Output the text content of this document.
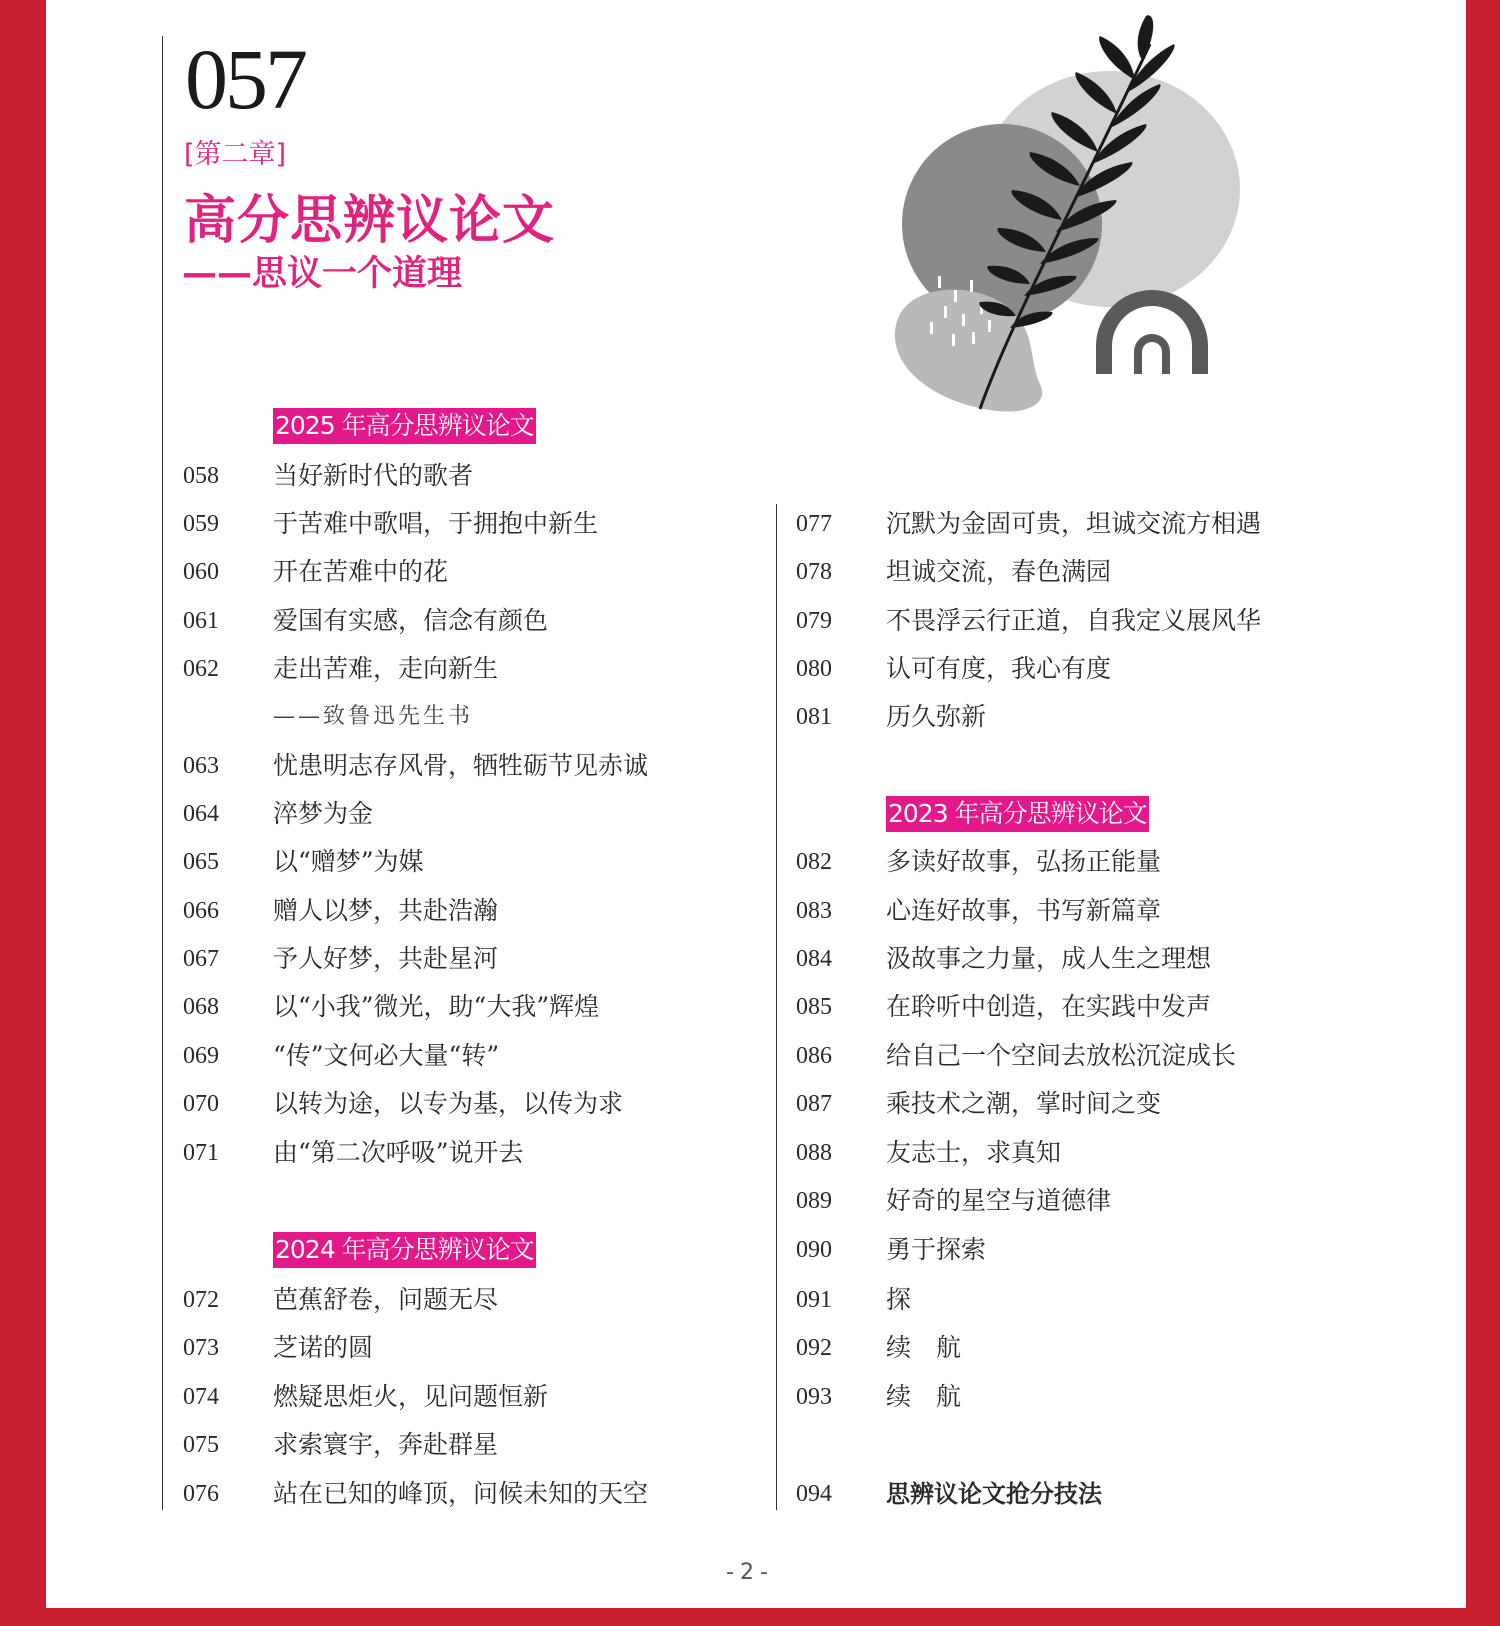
057
[第二章]
高分思辨议论文
——思议一个道理
2025 年高分思辨议论文
058 当好新时代的歌者
059 于苦难中歌唱，于拥抱中新生
060 开在苦难中的花
061 爱国有实感，信念有颜色
062 走出苦难，走向新生
——致鲁迅先生书
063 忧患明志存风骨，牺牲砺节见赤诚
064 淬梦为金
065 以“赠梦”为媒
066 赠人以梦，共赴浩瀚
067 予人好梦，共赴星河
068 以“小我”微光，助“大我”辉煌
069 “传”文何必大量“转”
070 以转为途，以专为基，以传为求
071 由“第二次呼吸”说开去
2024 年高分思辨议论文
072 芭蕉舒卷，问题无尽
073 芝诺的圆
074 燃疑思炬火，见问题恒新
075 求索寰宇，奔赴群星
076 站在已知的峰顶，问候未知的天空
077 沉默为金固可贵，坦诚交流方相遇
078 坦诚交流，春色满园
079 不畏浮云行正道，自我定义展风华
080 认可有度，我心有度
081 历久弥新
2023 年高分思辨议论文
082 多读好故事，弘扬正能量
083 心连好故事，书写新篇章
084 汲故事之力量，成人生之理想
085 在聆听中创造，在实践中发声
086 给自己一个空间去放松沉淀成长
087 乘技术之潮，掌时间之变
088 友志士，求真知
089 好奇的星空与道德律
090 勇于探索
091 探
092 续　航
093 续　航
094 思辨议论文抢分技法
-2-
